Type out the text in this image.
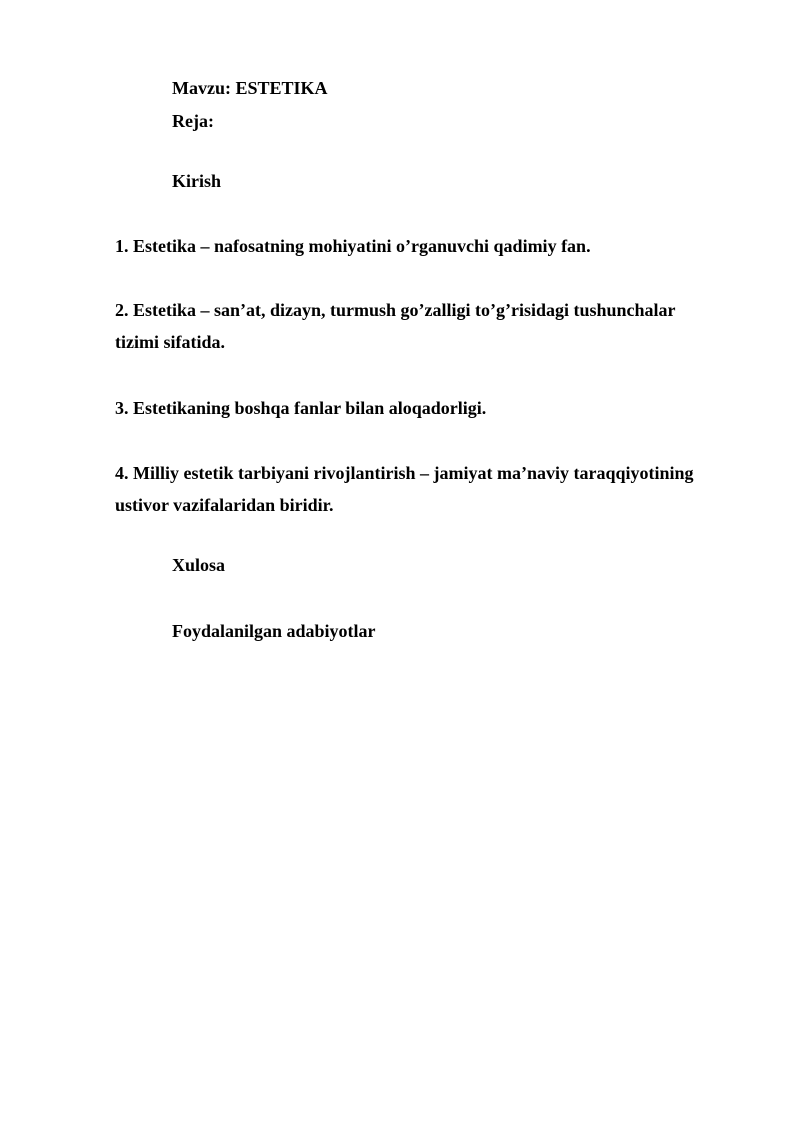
Mavzu: ESTETIKA
Reja:
Kirish
1. Estetika – nafosatning mohiyatini o’rganuvchi qadimiy fan.
2. Estetika – san’at, dizayn, turmush go’zalligi to’g’risidagi tushunchalar
tizimi sifatida.
3. Estetikaning boshqa fanlar bilan aloqadorligi.
4. Milliy estetik tarbiyani rivojlantirish – jamiyat ma’naviy taraqqiyotining
ustivor vazifalaridan biridir.
Xulosa
Foydalanilgan adabiyotlar
